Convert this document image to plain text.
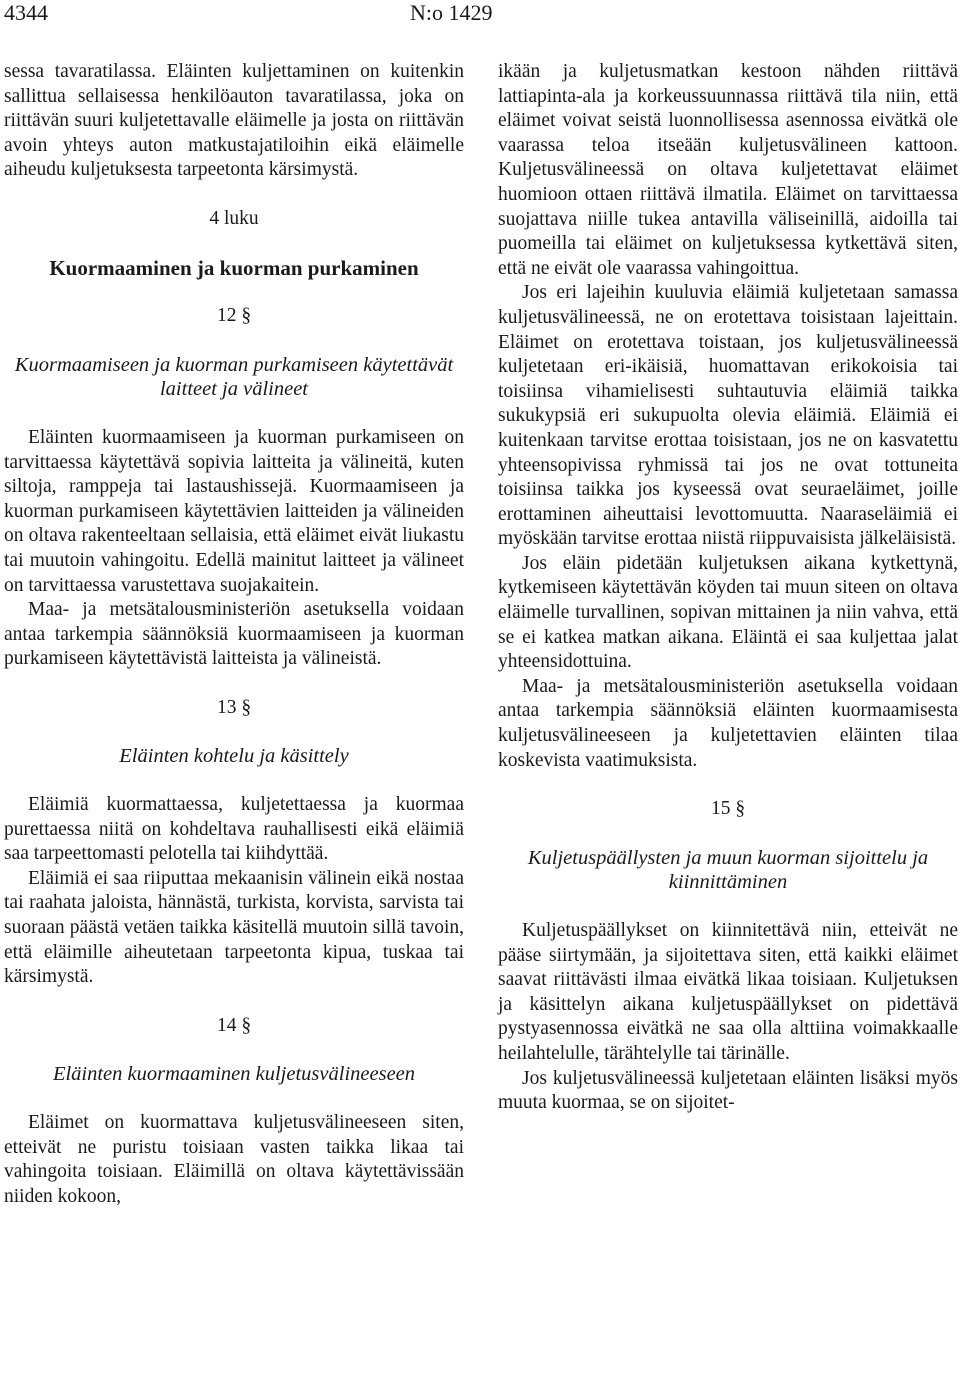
4344	N:o 1429

sessa tavaratilassa. Eläinten kuljettaminen on kuitenkin sallittua sellaisessa henkilöauton tavaratilassa, joka on riittävän suuri kuljetettavalle eläimelle ja josta on riittävän avoin yhteys auton matkustajatiloihin eikä eläimelle aiheudu kuljetuksesta tarpeetonta kärsimystä.

4 luku

Kuormaaminen ja kuorman purkaminen

12 §

Kuormaamiseen ja kuorman purkamiseen käytettävät laitteet ja välineet

Eläinten kuormaamiseen ja kuorman purkamiseen on tarvittaessa käytettävä sopivia laitteita ja välineitä, kuten siltoja, ramppeja tai lastaushissejä. Kuormaamiseen ja kuorman purkamiseen käytettävien laitteiden ja välineiden on oltava rakenteeltaan sellaisia, että eläimet eivät liukastu tai muutoin vahingoitu. Edellä mainitut laitteet ja välineet on tarvittaessa varustettava suojakaitein.

Maa- ja metsätalousministeriön asetuksella voidaan antaa tarkempia säännöksiä kuormaamiseen ja kuorman purkamiseen käytettävistä laitteista ja välineistä.

13 §

Eläinten kohtelu ja käsittely

Eläimiä kuormattaessa, kuljetettaessa ja kuormaa purettaessa niitä on kohdeltava rauhallisesti eikä eläimiä saa tarpeettomasti pelotella tai kiihdyttää.

Eläimiä ei saa riiputtaa mekaanisin välinein eikä nostaa tai raahata jaloista, hännästä, turkista, korvista, sarvista tai suoraan päästä vetäen taikka käsitellä muutoin sillä tavoin, että eläimille aiheutetaan tarpeetonta kipua, tuskaa tai kärsimystä.

14 §

Eläinten kuormaaminen kuljetusvälineeseen

Eläimet on kuormattava kuljetusvälineeseen siten, etteivät ne puristu toisiaan vasten taikka likaa tai vahingoita toisiaan. Eläimillä on oltava käytettävissään niiden kokoon,

ikään ja kuljetusmatkan kestoon nähden riittävä lattiapinta-ala ja korkeussuunnassa riittävä tila niin, että eläimet voivat seistä luonnollisessa asennossa eivätkä ole vaarassa teloa itseään kuljetusvälineen kattoon. Kuljetusvälineessä on oltava kuljetettavat eläimet huomioon ottaen riittävä ilmatila. Eläimet on tarvittaessa suojattava niille tukea antavilla väliseinillä, aidoilla tai puomeilla tai eläimet on kuljetuksessa kytkettävä siten, että ne eivät ole vaarassa vahingoittua.

Jos eri lajeihin kuuluvia eläimiä kuljetetaan samassa kuljetusvälineessä, ne on erotettava toisistaan lajeittain. Eläimet on erotettava toistaan, jos kuljetusvälineessä kuljetetaan eri-ikäisiä, huomattavan erikokoisia tai toisiinsa vihamielisesti suhtautuvia eläimiä taikka sukukypsiä eri sukupuolta olevia eläimiä. Eläimiä ei kuitenkaan tarvitse erottaa toisistaan, jos ne on kasvatettu yhteensopivissa ryhmissä tai jos ne ovat tottuneita toisiinsa taikka jos kyseessä ovat seuraeläimet, joille erottaminen aiheuttaisi levottomuutta. Naaraseläimiä ei myöskään tarvitse erottaa niistä riippuvaisista jälkeläisistä.

Jos eläin pidetään kuljetuksen aikana kytkettynä, kytkemiseen käytettävän köyden tai muun siteen on oltava eläimelle turvallinen, sopivan mittainen ja niin vahva, että se ei katkea matkan aikana. Eläintä ei saa kuljettaa jalat yhteensidottuina.

Maa- ja metsätalousministeriön asetuksella voidaan antaa tarkempia säännöksiä eläinten kuormaamisesta kuljetusvälineeseen ja kuljetettavien eläinten tilaa koskevista vaatimuksista.

15 §

Kuljetuspäällysten ja muun kuorman sijoittelu ja kiinnittäminen

Kuljetuspäällykset on kiinnitettävä niin, etteivät ne pääse siirtymään, ja sijoitettava siten, että kaikki eläimet saavat riittävästi ilmaa eivätkä likaa toisiaan. Kuljetuksen ja käsittelyn aikana kuljetuspäällykset on pidettävä pystyasennossa eivätkä ne saa olla alttiina voimakkaalle heilahtelulle, tärähtelylle tai tärinälle.

Jos kuljetusvälineessä kuljetetaan eläinten lisäksi myös muuta kuormaa, se on sijoitet-
